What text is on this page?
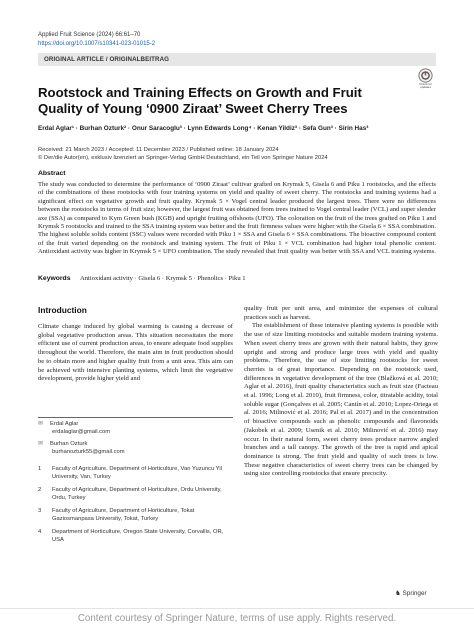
Applied Fruit Science (2024) 66:61–70
https://doi.org/10.1007/s10341-023-01015-2
ORIGINAL ARTICLE / ORIGINALBEITRAG
Check for updates
Rootstock and Training Effects on Growth and Fruit Quality of Young ‘0900 Ziraat’ Sweet Cherry Trees
Erdal Aglar¹ · Burhan Ozturk² · Onur Saracoglu³ · Lynn Edwards Long⁴ · Kenan Yildiz³ · Sefa Gun³ · Sirin Has³
Received: 21 March 2023 / Accepted: 11 December 2023 / Published online: 18 January 2024
© Der/die Autor(en), exklusiv lizenziert an Springer-Verlag GmbH Deutschland, ein Teil von Springer Nature 2024
Abstract
The study was conducted to determine the performance of ‘0900 Ziraat’ cultivar grafted on Krymsk 5, Gisela 6 and Piku 1 rootstocks, and the effects of the combinations of these rootstocks with four training systems on yield and quality of sweet cherry. The rootstocks and training systems had a significant effect on vegetative growth and fruit quality. Krymsk 5 × Vogel central leader produced the largest trees. There were no differences between the rootstocks in terms of fruit size; however, the largest fruit was obtained from trees trained to Vogel central leader (VCL) and super slender axe (SSA) as compared to Kym Green bush (KGB) and upright fruiting offshoots (UFO). The coloration on the fruit of the trees grafted on Piku 1 and Krymsk 5 rootstocks and trained to the SSA training system was better and the fruit firmness values were higher with the Gisela 6 × SSA combination. The highest soluble solids content (SSC) values were recorded with Piku 1 × SSA and Gisela 6 × SSA combinations. The bioactive compound content of the fruit varied depending on the rootstock and training system. The fruit of Piku 1 × VCL combination had higher total phenolic content. Antioxidant activity was higher in Krymsk 5 × UFO combination. The study revealed that fruit quality was better with SSA and VCL training systems.
Keywords Antioxidant activity · Gisela 6 · Krymsk 5 · Phenolics · Piku 1
Introduction
Climate change induced by global warming is causing a decrease of global vegetative production areas. This situation necessitates the more efficient use of current production areas, to ensure adequate food supplies throughout the world. Therefore, the main aim in fruit production should be to obtain more and higher quality fruit from a unit area. This aim can be achieved with intensive planting systems, which limit the vegetative development, provide higher yield and
quality fruit per unit area, and minimize the expenses of cultural practices such as harvest.
The establishment of these intensive planting systems is possible with the use of size limiting rootstocks and suitable modern training systems. When sweet cherry trees are grown with their natural habits, they grow upright and strong and produce large trees with yield and quality problems. Therefore, the use of size limiting rootstocks for sweet cherries is of great importance. Depending on the rootstock used, differences in vegetative development of the tree (Blažková et al. 2010; Aglar et al. 2016), fruit quality characteristics such as fruit size (Facteau et al. 1996; Long et al. 2010), fruit firmness, color, titratable acidity, total soluble sugar (Gonçalves et al. 2005; Cantín et al. 2010; Lopez-Ortega et al. 2016; Milinović et al. 2016; Pal et al. 2017) and in the concentration of bioactive compounds such as phenolic compounds and flavonoids (Jakobek et al. 2009; Usenik et al. 2010; Milinović et al. 2016) may occur. In their natural form, sweet cherry trees produce narrow angled branches and a tall canopy. The growth of the tree is rapid and apical dominance is strong. The fruit yield and quality of such trees is low. These negative characteristics of sweet cherry trees can be changed by using size controlling rootstocks that ensure precocity.
✉ Erdal Aglar
erdalaglar@gmail.com
✉ Burhan Ozturk
burhanozturk55@gmail.com
1	Faculty of Agriculture, Department of Horticulture, Van Yuzuncu Yil University, Van, Turkey
2	Faculty of Agriculture, Department of Horticulture, Ordu University, Ordu, Turkey
3	Faculty of Agriculture, Department of Horticulture, Tokat Gaziosmanpasa University, Tokat, Turkey
4	Department of Horticulture, Oregon State University, Corvallis, OR, USA
♞ Springer
Content courtesy of Springer Nature, terms of use apply. Rights reserved.
